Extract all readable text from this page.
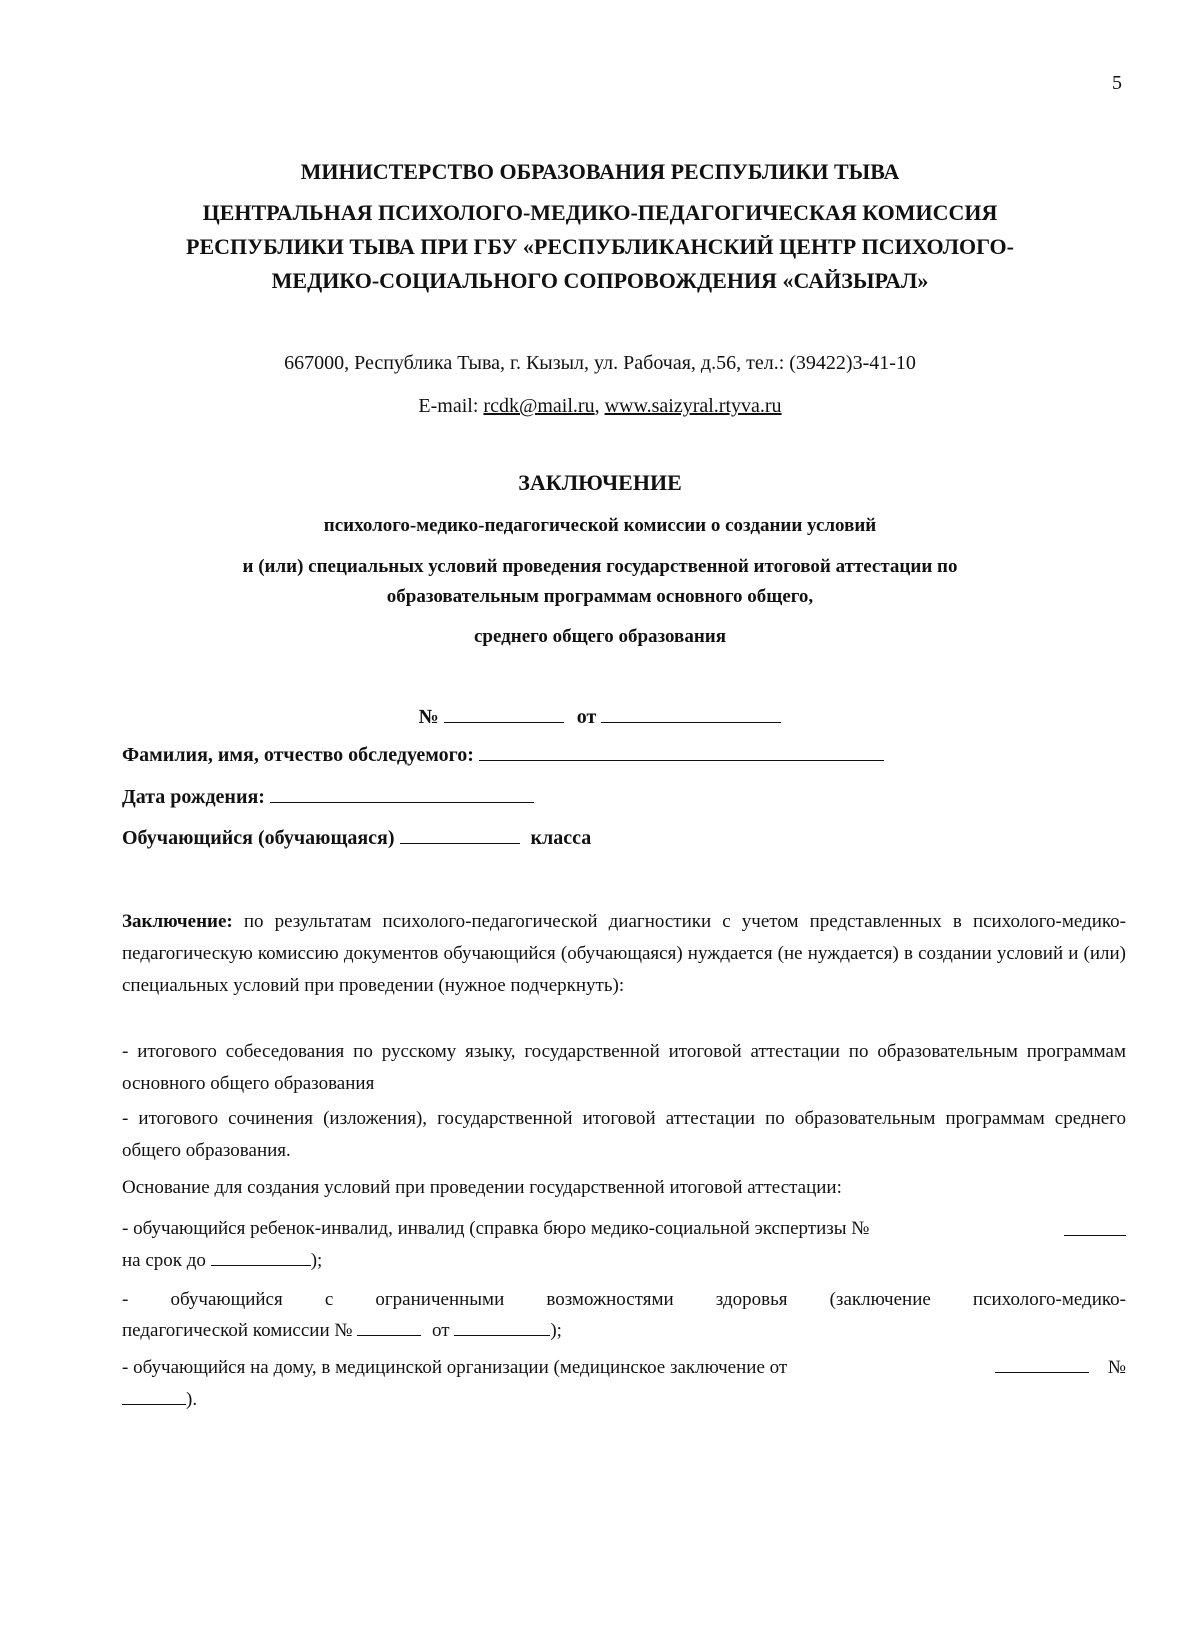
5
МИНИСТЕРСТВО ОБРАЗОВАНИЯ РЕСПУБЛИКИ ТЫВА
ЦЕНТРАЛЬНАЯ ПСИХОЛОГО-МЕДИКО-ПЕДАГОГИЧЕСКАЯ КОМИССИЯ
РЕСПУБЛИКИ ТЫВА ПРИ ГБУ «РЕСПУБЛИКАНСКИЙ ЦЕНТР ПСИХОЛОГО-
МЕДИКО-СОЦИАЛЬНОГО СОПРОВОЖДЕНИЯ «САЙЗЫРАЛ»
667000, Республика Тыва, г. Кызыл, ул. Рабочая, д.56, тел.: (39422)3-41-10
E-mail: rcdk@mail.ru, www.saizyral.rtyva.ru
ЗАКЛЮЧЕНИЕ
психолого-медико-педагогической комиссии о создании условий
и (или) специальных условий проведения государственной итоговой аттестации по
образовательным программам основного общего,
среднего общего образования
№	от
Фамилия, имя, отчество обследуемого:
Дата рождения:
Обучающийся (обучающаяся)	класса
Заключение: по результатам психолого-педагогической диагностики с учетом представленных в психолого-медико-педагогическую комиссию документов обучающийся (обучающаяся) нуждается (не нуждается) в создании условий и (или) специальных условий при проведении (нужное подчеркнуть):
- итогового собеседования по русскому языку, государственной итоговой аттестации по образовательным программам основного общего образования
- итогового сочинения (изложения), государственной итоговой аттестации по образовательным программам среднего общего образования.
Основание для создания условий при проведении государственной итоговой аттестации:
- обучающийся ребенок-инвалид, инвалид (справка бюро медико-социальной экспертизы №
на срок до	);
- обучающийся с ограниченными возможностями здоровья (заключение психолого-медико-
педагогической комиссии №	от	);
- обучающийся на дому, в медицинской организации (медицинское заключение от	№
).
